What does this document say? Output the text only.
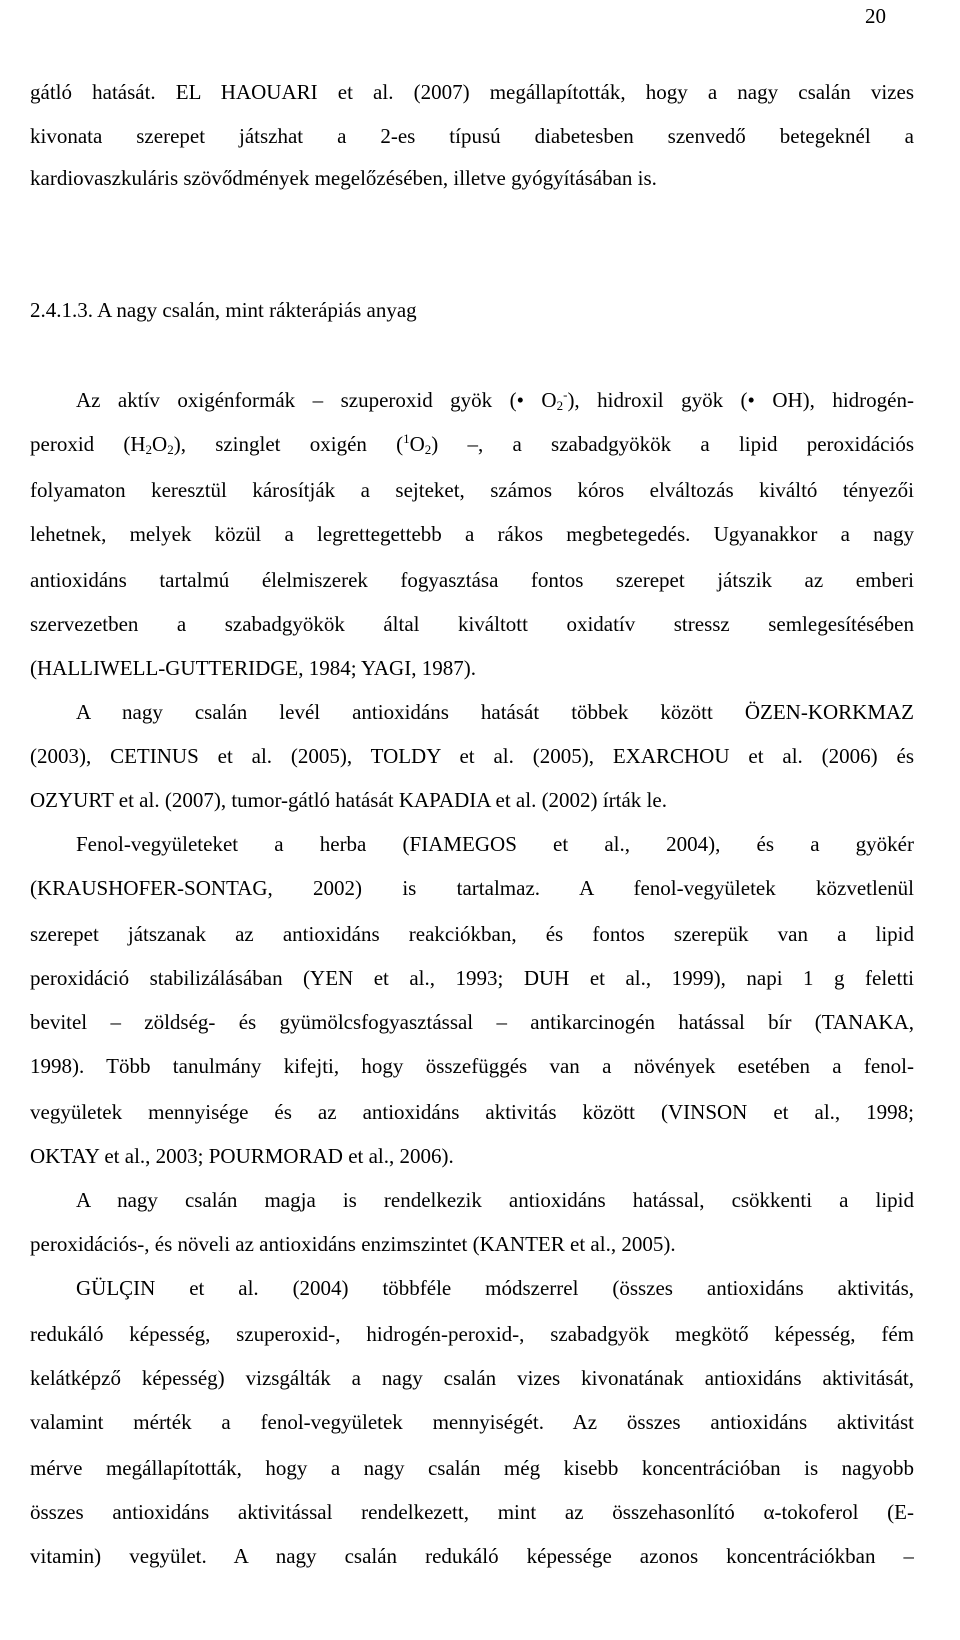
20
gátló hatását. EL HAOUARI et al. (2007) megállapították, hogy a nagy csalán vizes
kivonata szerepet játszhat a 2-es típusú diabetesben szenvedő betegeknél a
kardiovaszkuláris szövődmények megelőzésében, illetve gyógyításában is.
2.4.1.3. A nagy csalán, mint rákterápiás anyag
Az aktív oxigénformák – szuperoxid gyök (• $O_2^-$), hidroxil gyök (• OH), hidrogén-
peroxid $(H_2O_2)$, szinglet oxigén $(^1O_2)$ –, a szabadgyökök a lipid peroxidációs
folyamaton keresztül károsítják a sejteket, számos kóros elváltozás kiváltó tényezői
lehetnek, melyek közül a legrettegettebb a rákos megbetegedés. Ugyanakkor a nagy
antioxidáns tartalmú élelmiszerek fogyasztása fontos szerepet játszik az emberi
szervezetben a szabadgyökök által kiváltott oxidatív stressz semlegesítésében
(HALLIWELL-GUTTERIDGE, 1984; YAGI, 1987).
A nagy csalán levél antioxidáns hatását többek között ÖZEN-KORKMAZ
(2003), CETINUS et al. (2005), TOLDY et al. (2005), EXARCHOU et al. (2006) és
OZYURT et al. (2007), tumor-gátló hatását KAPADIA et al. (2002) írták le.
Fenol-vegyületeket a herba (FIAMEGOS et al., 2004), és a gyökér
(KRAUSHOFER-SONTAG, 2002) is tartalmaz. A fenol-vegyületek közvetlenül
szerepet játszanak az antioxidáns reakciókban, és fontos szerepük van a lipid
peroxidáció stabilizálásában (YEN et al., 1993; DUH et al., 1999), napi 1 g feletti
bevitel – zöldség- és gyümölcsfogyasztással – antikarcinogén hatással bír (TANAKA,
1998). Több tanulmány kifejti, hogy összefüggés van a növények esetében a fenol-
vegyületek mennyisége és az antioxidáns aktivitás között (VINSON et al., 1998;
OKTAY et al., 2003; POURMORAD et al., 2006).
A nagy csalán magja is rendelkezik antioxidáns hatással, csökkenti a lipid
peroxidációs-, és növeli az antioxidáns enzimszintet (KANTER et al., 2005).
GÜLÇIN et al. (2004) többféle módszerrel (összes antioxidáns aktivitás,
redukáló képesség, szuperoxid-, hidrogén-peroxid-, szabadgyök megkötő képesség, fém
kelátképző képesség) vizsgálták a nagy csalán vizes kivonatának antioxidáns aktivitását,
valamint mérték a fenol-vegyületek mennyiségét. Az összes antioxidáns aktivitást
mérve megállapították, hogy a nagy csalán még kisebb koncentrációban is nagyobb
összes antioxidáns aktivitással rendelkezett, mint az összehasonlító α-tokoferol (E-
vitamin) vegyület. A nagy csalán redukáló képessége azonos koncentrációkban –
